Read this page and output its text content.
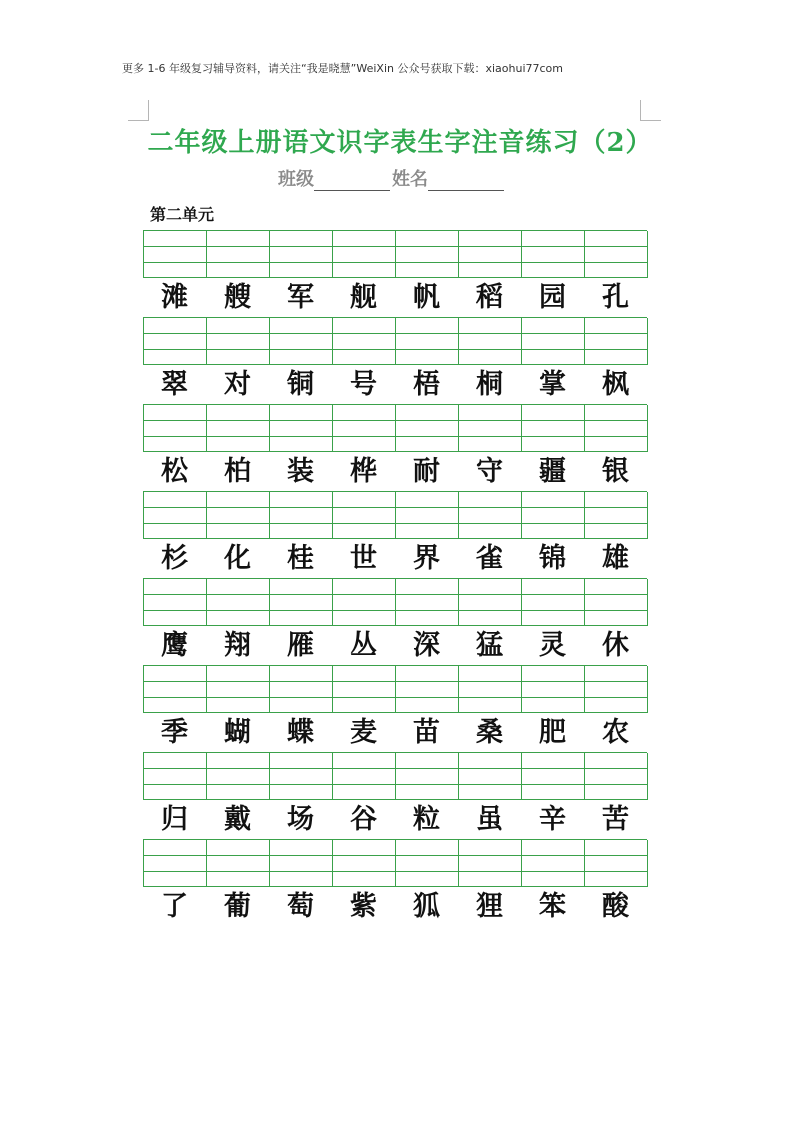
更多 1-6 年级复习辅导资料，请关注“我是晓慧”WeiXin 公众号获取下载：xiaohui77com
二年级上册语文识字表生字注音练习（2）
班级	姓名
第二单元
滩	艘	军	舰	帆	稻	园	孔
翠	对	铜	号	梧	桐	掌	枫
松	柏	装	桦	耐	守	疆	银
杉	化	桂	世	界	雀	锦	雄
鹰	翔	雁	丛	深	猛	灵	休
季	蝴	蝶	麦	苗	桑	肥	农
归	戴	场	谷	粒	虽	辛	苦
了	葡	萄	紫	狐	狸	笨	酸
